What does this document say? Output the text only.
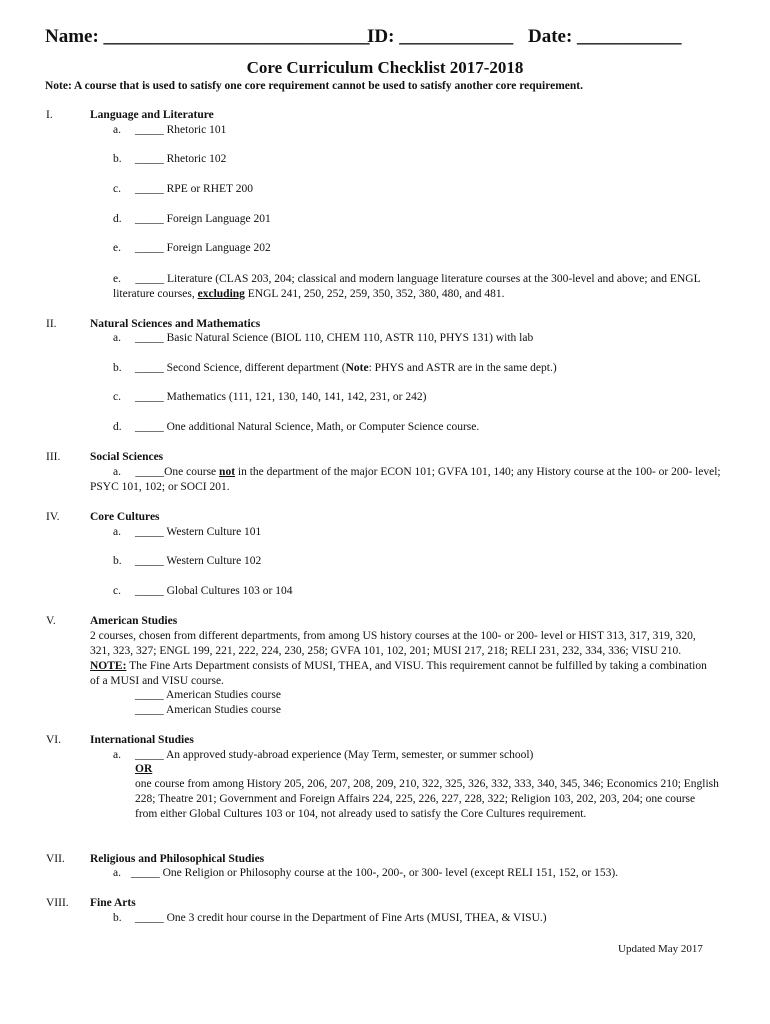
Name: ____________________________

ID: ____________

Date: ___________

Core Curriculum Checklist 2017-2018
Note: A course that is used to satisfy one core requirement cannot be used to satisfy another core requirement.
I.	Language and Literature
a. _____ Rhetoric 101
b. _____ Rhetoric 102
c. _____ RPE or RHET 200
d. _____ Foreign Language 201
e. _____ Foreign Language 202
e. _____ Literature (CLAS 203, 204; classical and modern language literature courses at the 300-level and above; and ENGL literature courses, excluding ENGL 241, 250, 252, 259, 350, 352, 380, 480, and 481.
II.	Natural Sciences and Mathematics
a. _____ Basic Natural Science (BIOL 110, CHEM 110, ASTR 110, PHYS 131) with lab
b. _____ Second Science, different department (Note: PHYS and ASTR are in the same dept.)
c. _____ Mathematics (111, 121, 130, 140, 141, 142, 231, or 242)
d. _____ One additional Natural Science, Math, or Computer Science course.
III.	Social Sciences
a. _____One course not in the department of the major ECON 101; GVFA 101, 140; any History course at the 100- or 200- level; PSYC 101, 102; or SOCI 201.
IV.	Core Cultures
a. _____ Western Culture 101
b. _____ Western Culture 102
c. _____ Global Cultures 103 or 104
V.	American Studies
2 courses, chosen from different departments, from among US history courses at the 100- or 200- level or HIST 313, 317, 319, 320, 321, 323, 327; ENGL 199, 221, 222, 224, 230, 258; GVFA 101, 102, 201; MUSI 217, 218; RELI 231, 232, 334, 336; VISU 210. NOTE: The Fine Arts Department consists of MUSI, THEA, and VISU. This requirement cannot be fulfilled by taking a combination of a MUSI and VISU course.
_____ American Studies course
_____ American Studies course
VI.	International Studies
a. _____ An approved study-abroad experience (May Term, semester, or summer school)
OR
one course from among History 205, 206, 207, 208, 209, 210, 322, 325, 326, 332, 333, 340, 345, 346; Economics 210; English 228; Theatre 201; Government and Foreign Affairs 224, 225, 226, 227, 228, 322; Religion 103, 202, 203, 204; one course from either Global Cultures 103 or 104, not already used to satisfy the Core Cultures requirement.
VII. Religious and Philosophical Studies
a. _____ One Religion or Philosophy course at the 100-, 200-, or 300- level (except RELI 151, 152, or 153).
VIII. Fine Arts
b. _____ One 3 credit hour course in the Department of Fine Arts (MUSI, THEA, & VISU.)
Updated May 2017
